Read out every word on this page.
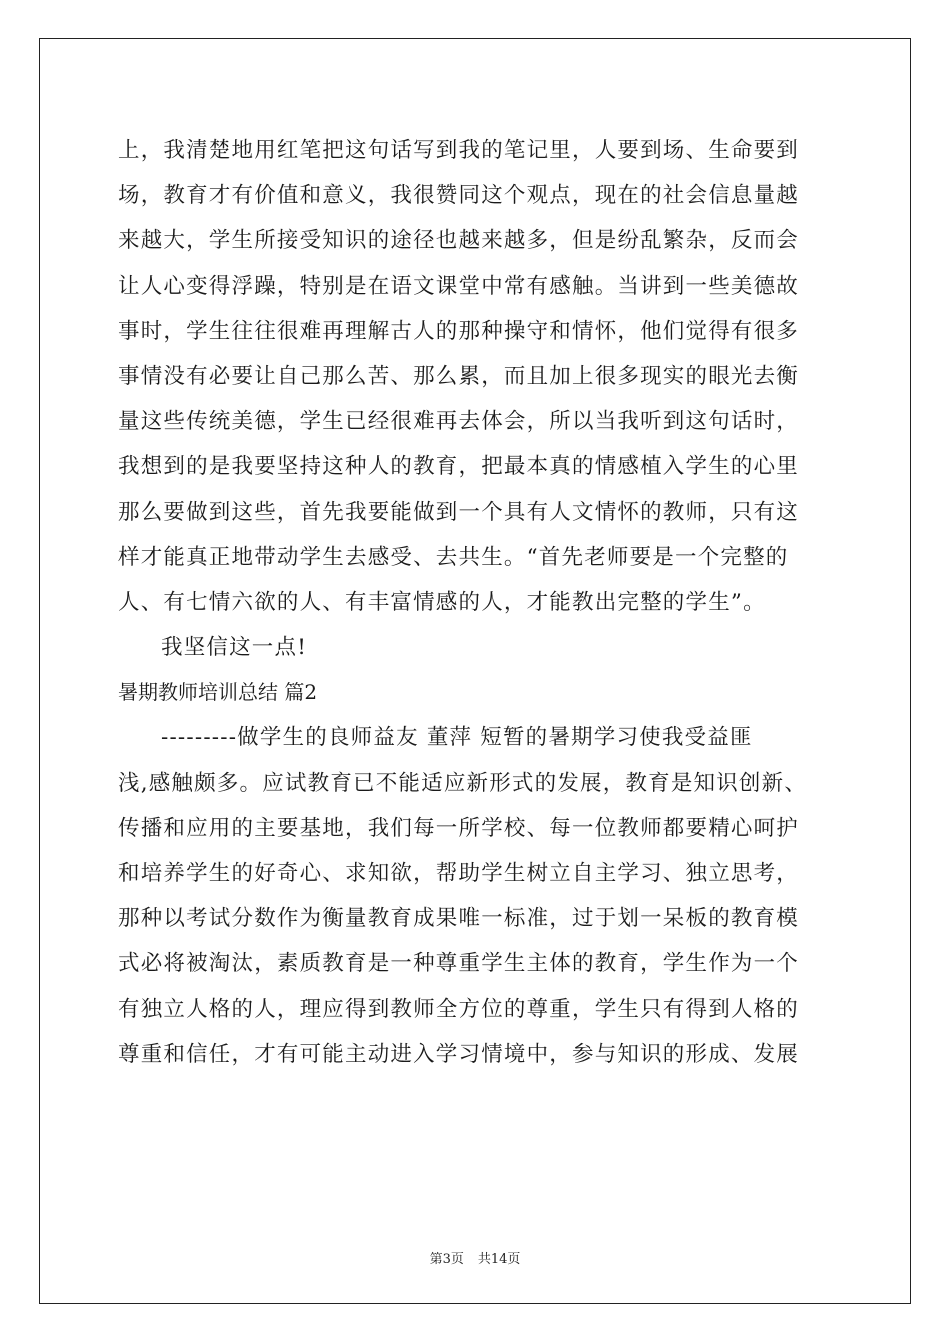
上，我清楚地用红笔把这句话写到我的笔记里，人要到场、生命要到
场，教育才有价值和意义，我很赞同这个观点，现在的社会信息量越
来越大，学生所接受知识的途径也越来越多，但是纷乱繁杂，反而会
让人心变得浮躁，特别是在语文课堂中常有感触。当讲到一些美德故
事时，学生往往很难再理解古人的那种操守和情怀，他们觉得有很多
事情没有必要让自己那么苦、那么累，而且加上很多现实的眼光去衡
量这些传统美德，学生已经很难再去体会，所以当我听到这句话时，
我想到的是我要坚持这种人的教育，把最本真的情感植入学生的心里
那么要做到这些，首先我要能做到一个具有人文情怀的教师，只有这
样才能真正地带动学生去感受、去共生。“首先老师要是一个完整的
人、有七情六欲的人、有丰富情感的人，才能教出完整的学生”。
我坚信这一点!
暑期教师培训总结 篇2
---------做学生的良师益友 董萍 短暂的暑期学习使我受益匪
浅,感触颇多。应试教育已不能适应新形式的发展，教育是知识创新、
传播和应用的主要基地，我们每一所学校、每一位教师都要精心呵护
和培养学生的好奇心、求知欲，帮助学生树立自主学习、独立思考，
那种以考试分数作为衡量教育成果唯一标准，过于划一呆板的教育模
式必将被淘汰，素质教育是一种尊重学生主体的教育，学生作为一个
有独立人格的人，理应得到教师全方位的尊重，学生只有得到人格的
尊重和信任，才有可能主动进入学习情境中，参与知识的形成、发展
第3页 共14页
